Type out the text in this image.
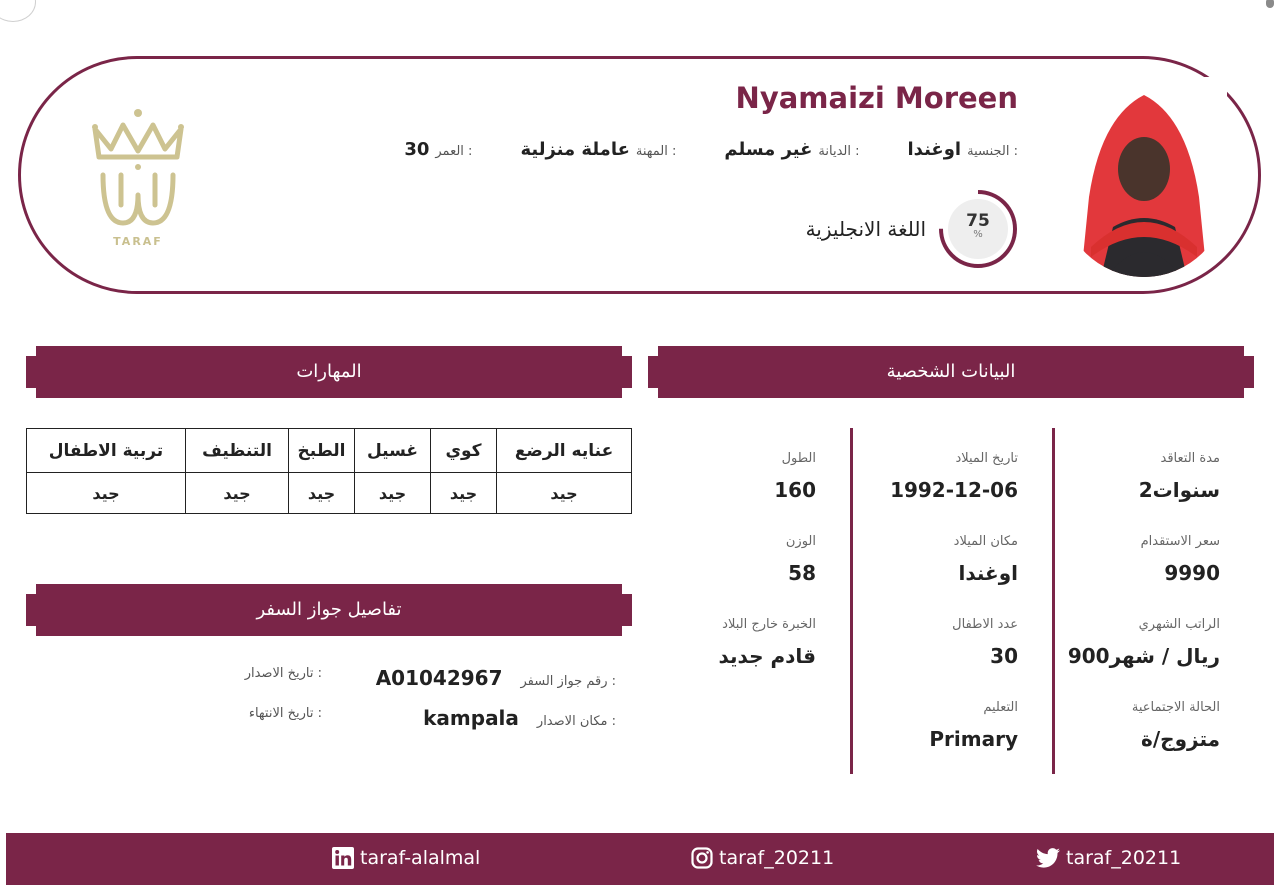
Nyamaizi Moreen
الجنسية :
اوغندا
الديانة :
غير مسلم
المهنة :
عاملة منزلية
العمر :
30
75
%
اللغة الانجليزية
TARAF
البيانات الشخصية
المهارات
مدة التعاقد
2سنوات
سعر الاستقدام
9990
الراتب الشهري
900ريال / شهر
الحالة الاجتماعية
متزوج/ة
تاريخ الميلاد
1992-12-06
مكان الميلاد
اوغندا
عدد الاطفال
30
التعليم
Primary
الطول
160
الوزن
58
الخبرة خارج البلاد
قادم جديد
عنايه الرضع	كوي	غسيل	الطبخ	التنظيف	تربية الاطفال
جيد	جيد	جيد	جيد	جيد	جيد
تفاصيل جواز السفر
رقم جواز السفر :
A01042967
تاريخ الاصدار :
مكان الاصدار :
kampala
تاريخ الانتهاء :
taraf_20211
taraf_20211
taraf-alalmal
